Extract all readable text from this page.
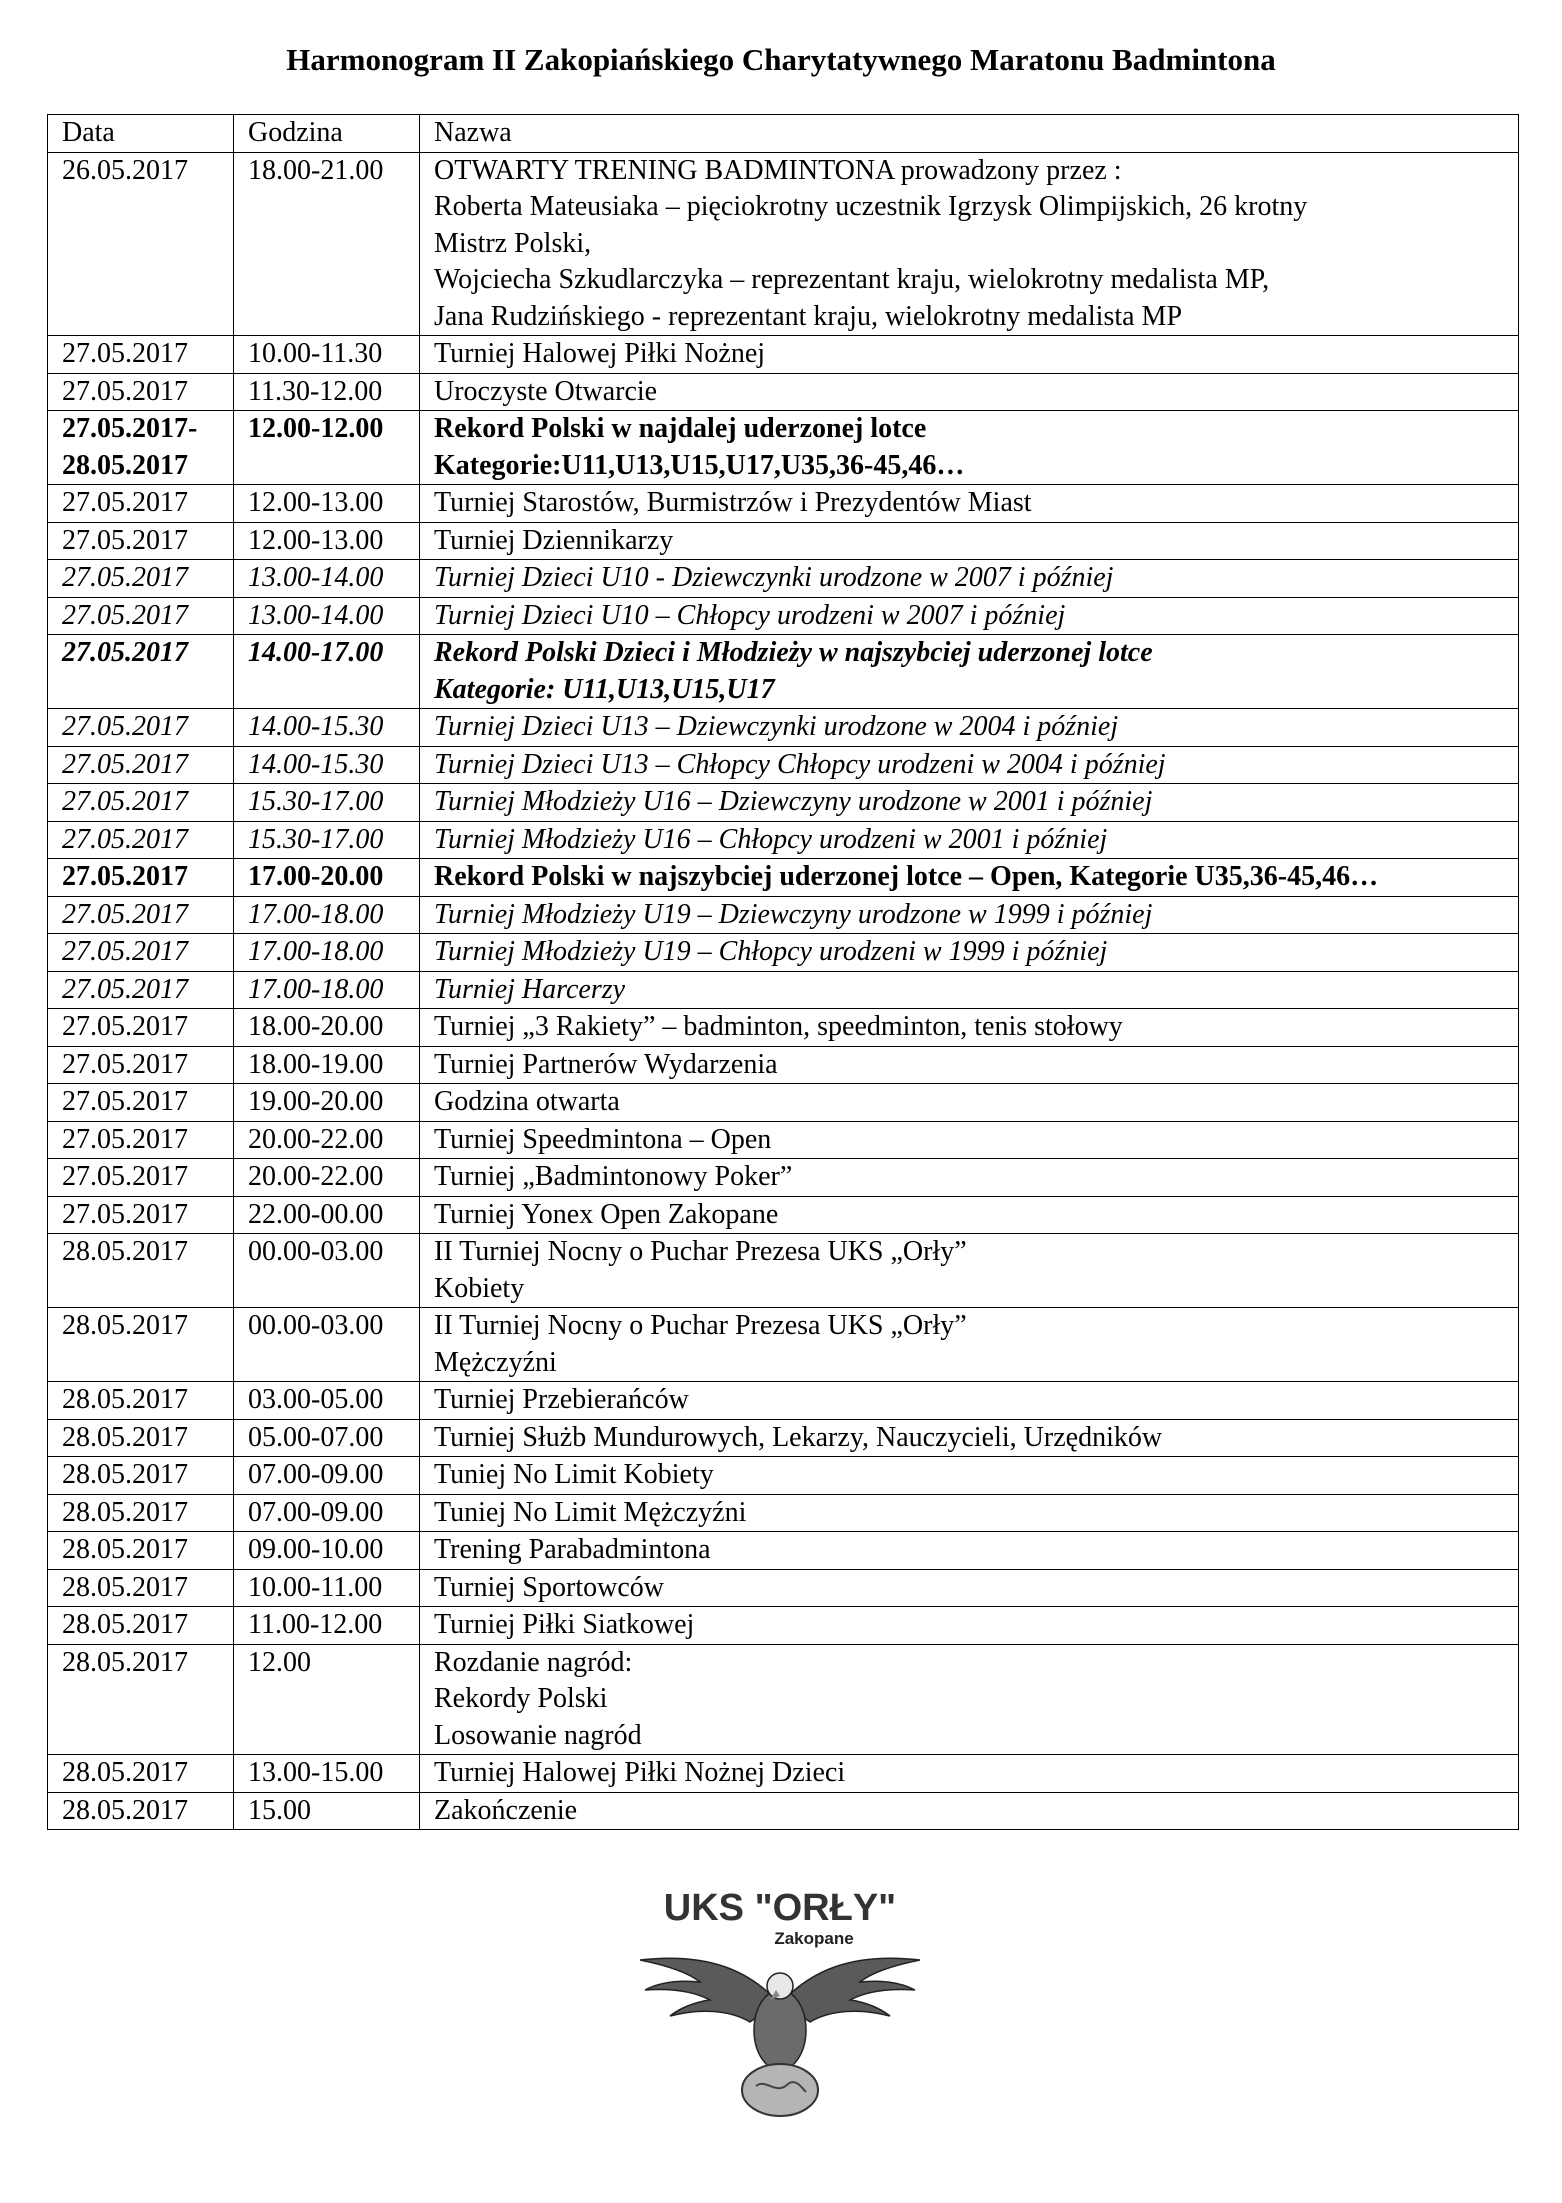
Harmonogram II Zakopiańskiego Charytatywnego Maratonu Badmintona
Data	Godzina	Nazwa

26.05.2017	18.00-21.00	OTWARTY TRENING BADMINTONA prowadzony przez :
Roberta Mateusiaka – pięciokrotny uczestnik Igrzysk Olimpijskich, 26 krotny
Mistrz Polski,
Wojciecha Szkudlarczyka – reprezentant kraju, wielokrotny medalista MP,
Jana Rudzińskiego - reprezentant kraju, wielokrotny medalista MP

27.05.2017	10.00-11.30	Turniej Halowej Piłki Nożnej

27.05.2017	11.30-12.00	Uroczyste Otwarcie

27.05.2017-
28.05.2017	12.00-12.00	Rekord Polski w najdalej uderzonej lotce
Kategorie:U11,U13,U15,U17,U35,36-45,46…

27.05.2017	12.00-13.00	Turniej Starostów, Burmistrzów i Prezydentów Miast

27.05.2017	12.00-13.00	Turniej Dziennikarzy

27.05.2017	13.00-14.00	Turniej Dzieci U10 - Dziewczynki urodzone w 2007 i później

27.05.2017	13.00-14.00	Turniej Dzieci U10 – Chłopcy urodzeni w 2007 i później

27.05.2017	14.00-17.00	Rekord Polski Dzieci i Młodzieży w najszybciej uderzonej lotce
Kategorie: U11,U13,U15,U17

27.05.2017	14.00-15.30	Turniej Dzieci U13 – Dziewczynki urodzone w 2004 i później

27.05.2017	14.00-15.30	Turniej Dzieci U13 – Chłopcy Chłopcy urodzeni w 2004 i później

27.05.2017	15.30-17.00	Turniej Młodzieży U16 – Dziewczyny urodzone w 2001 i później

27.05.2017	15.30-17.00	Turniej Młodzieży U16 – Chłopcy urodzeni w 2001 i później

27.05.2017	17.00-20.00	Rekord Polski w najszybciej uderzonej lotce – Open, Kategorie U35,36-45,46…

27.05.2017	17.00-18.00	Turniej Młodzieży U19 – Dziewczyny urodzone w 1999 i później

27.05.2017	17.00-18.00	Turniej Młodzieży U19 – Chłopcy urodzeni w 1999 i później

27.05.2017	17.00-18.00	Turniej Harcerzy

27.05.2017	18.00-20.00	Turniej „3 Rakiety” – badminton, speedminton, tenis stołowy

27.05.2017	18.00-19.00	Turniej Partnerów Wydarzenia

27.05.2017	19.00-20.00	Godzina otwarta

27.05.2017	20.00-22.00	Turniej Speedmintona – Open

27.05.2017	20.00-22.00	Turniej „Badmintonowy Poker”

27.05.2017	22.00-00.00	Turniej Yonex Open Zakopane

28.05.2017	00.00-03.00	II Turniej Nocny o Puchar Prezesa UKS „Orły”
Kobiety

28.05.2017	00.00-03.00	II Turniej Nocny o Puchar Prezesa UKS „Orły”
Mężczyźni

28.05.2017	03.00-05.00	Turniej Przebierańców

28.05.2017	05.00-07.00	Turniej Służb Mundurowych, Lekarzy, Nauczycieli, Urzędników

28.05.2017	07.00-09.00	Tuniej No Limit Kobiety

28.05.2017	07.00-09.00	Tuniej No Limit Mężczyźni

28.05.2017	09.00-10.00	Trening Parabadmintona

28.05.2017	10.00-11.00	Turniej Sportowców

28.05.2017	11.00-12.00	Turniej Piłki Siatkowej

28.05.2017	12.00	Rozdanie nagród:
Rekordy Polski
Losowanie nagród

28.05.2017	13.00-15.00	Turniej Halowej Piłki Nożnej Dzieci

28.05.2017	15.00	Zakończenie
UKS "ORŁY"
Zakopane
